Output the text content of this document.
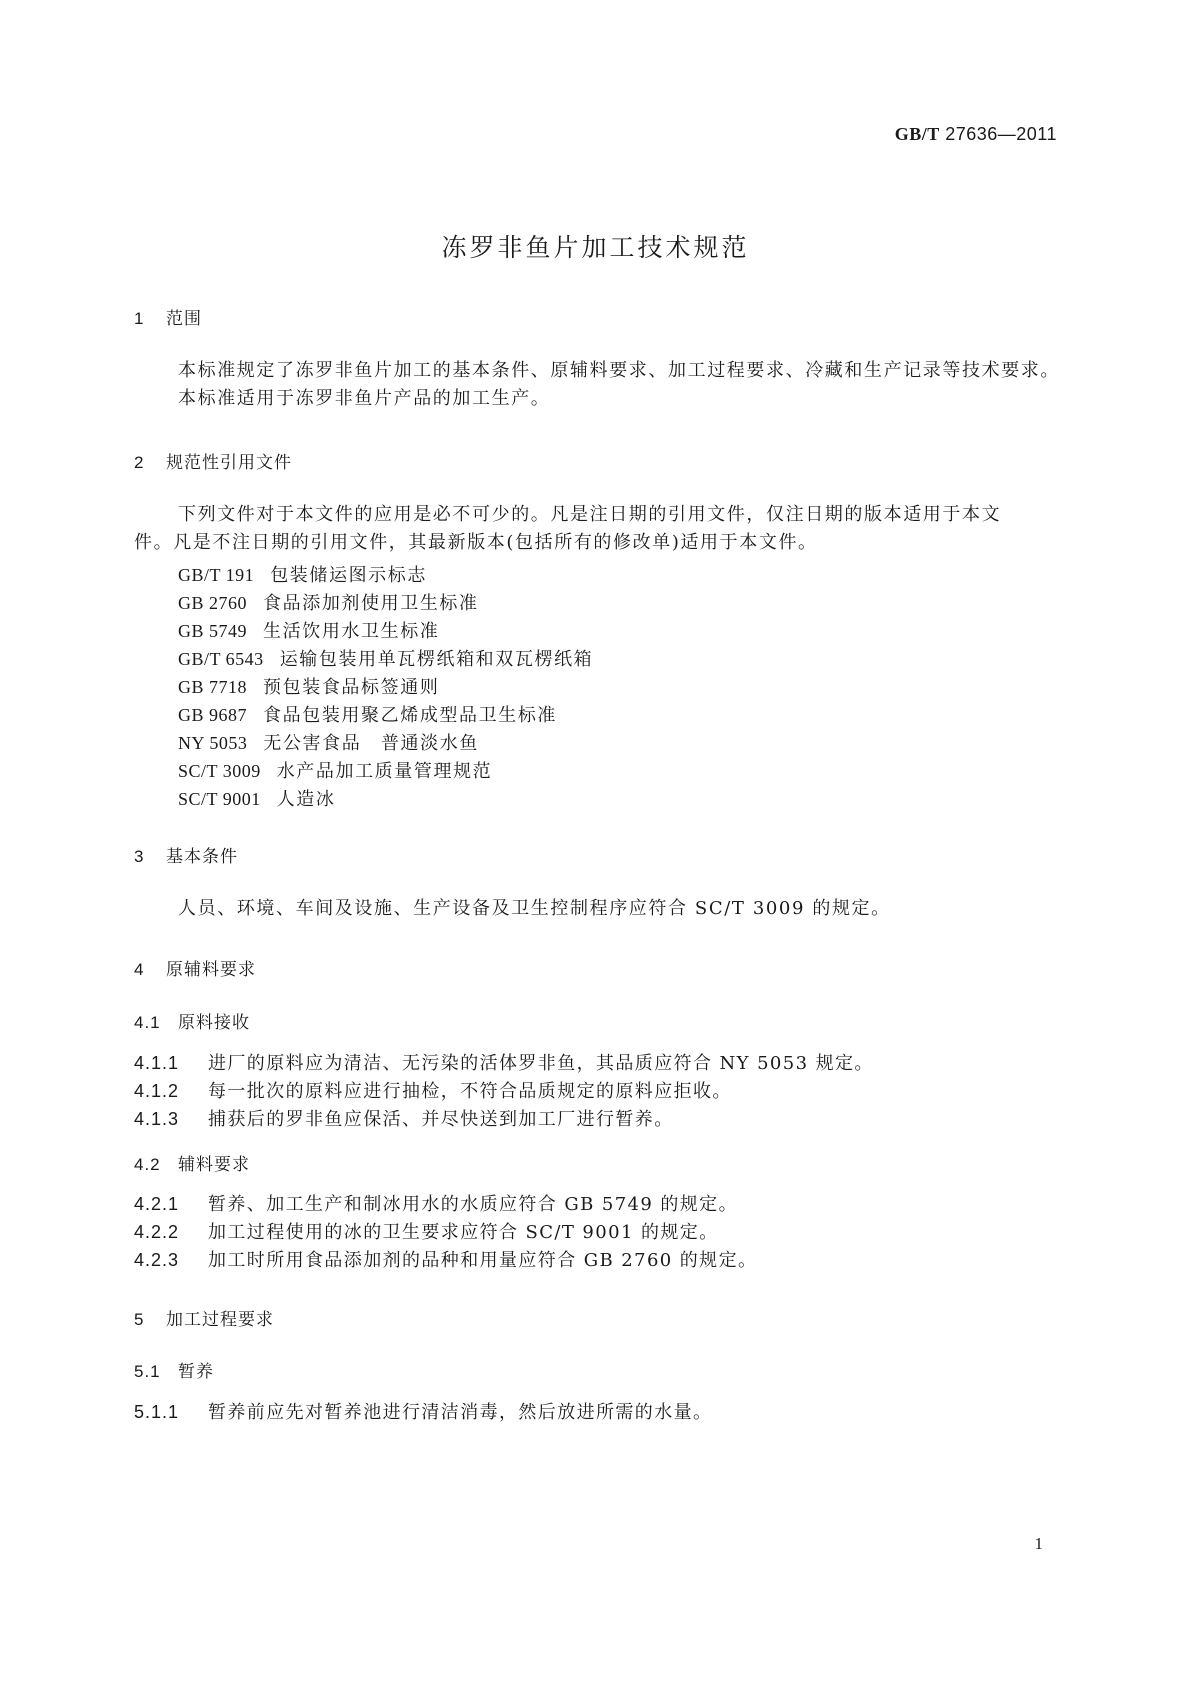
GB/T 27636—2011
冻罗非鱼片加工技术规范
1 范围
本标准规定了冻罗非鱼片加工的基本条件、原辅料要求、加工过程要求、冷藏和生产记录等技术要求。
本标准适用于冻罗非鱼片产品的加工生产。
2 规范性引用文件
下列文件对于本文件的应用是必不可少的。凡是注日期的引用文件，仅注日期的版本适用于本文
件。凡是不注日期的引用文件，其最新版本(包括所有的修改单)适用于本文件。
GB/T 191 包装储运图示标志
GB 2760 食品添加剂使用卫生标准
GB 5749 生活饮用水卫生标准
GB/T 6543 运输包装用单瓦楞纸箱和双瓦楞纸箱
GB 7718 预包装食品标签通则
GB 9687 食品包装用聚乙烯成型品卫生标准
NY 5053 无公害食品　普通淡水鱼
SC/T 3009 水产品加工质量管理规范
SC/T 9001 人造冰
3 基本条件
人员、环境、车间及设施、生产设备及卫生控制程序应符合 SC/T 3009 的规定。
4 原辅料要求
4.1 原料接收
4.1.1 进厂的原料应为清洁、无污染的活体罗非鱼，其品质应符合 NY 5053 规定。
4.1.2 每一批次的原料应进行抽检，不符合品质规定的原料应拒收。
4.1.3 捕获后的罗非鱼应保活、并尽快送到加工厂进行暂养。
4.2 辅料要求
4.2.1 暂养、加工生产和制冰用水的水质应符合 GB 5749 的规定。
4.2.2 加工过程使用的冰的卫生要求应符合 SC/T 9001 的规定。
4.2.3 加工时所用食品添加剂的品种和用量应符合 GB 2760 的规定。
5 加工过程要求
5.1 暂养
5.1.1 暂养前应先对暂养池进行清洁消毒，然后放进所需的水量。
1
